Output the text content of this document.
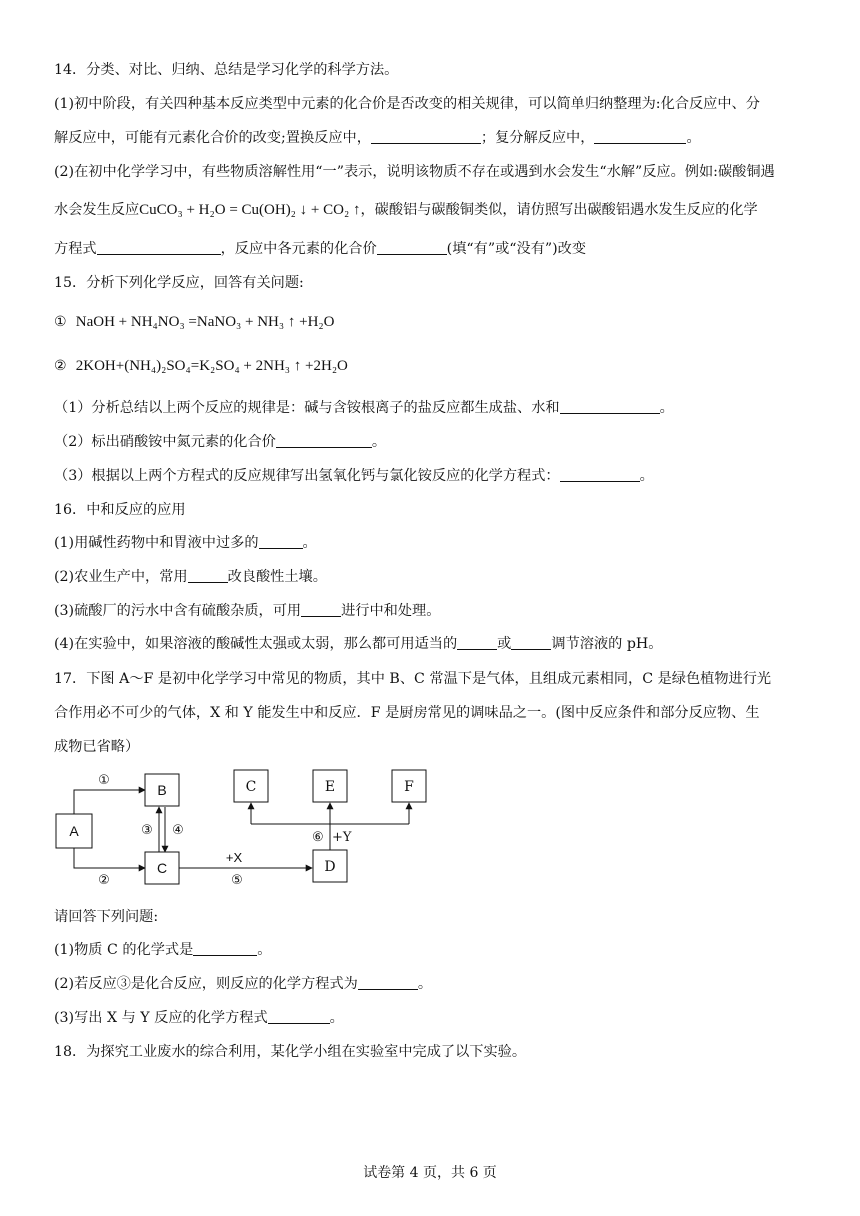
14．分类、对比、归纳、总结是学习化学的科学方法。
(1)初中阶段，有关四种基本反应类型中元素的化合价是否改变的相关规律，可以简单归纳整理为:化合反应中、分
解反应中，可能有元素化合价的改变;置换反应中，	；复分解反应中，	。
(2)在初中化学学习中，有些物质溶解性用“一”表示，说明该物质不存在或遇到水会发生“水解”反应。例如:碳酸铜遇
水会发生反应CuCO₃ + H₂O = Cu(OH)₂ ↓ + CO₂ ↑，碳酸铝与碳酸铜类似，请仿照写出碳酸铝遇水发生反应的化学
方程式	，反应中各元素的化合价	(填“有”或“没有”)改变
15．分析下列化学反应，回答有关问题:
① NaOH + NH₄NO₃ =NaNO₃ + NH₃ ↑ +H₂O
② 2KOH+(NH₄)₂SO₄=K₂SO₄ + 2NH₃ ↑ +2H₂O
（1）分析总结以上两个反应的规律是：碱与含铵根离子的盐反应都生成盐、水和	。
（2）标出硝酸铵中氮元素的化合价	。
（3）根据以上两个方程式的反应规律写出氢氧化钙与氯化铵反应的化学方程式：	。
16．中和反应的应用
(1)用碱性药物中和胃液中过多的	。
(2)农业生产中，常用	改良酸性土壤。
(3)硫酸厂的污水中含有硫酸杂质，可用	进行中和处理。
(4)在实验中，如果溶液的酸碱性太强或太弱，那么都可用适当的	或	调节溶液的 pH。
17．下图 A～F 是初中化学学习中常见的物质，其中 B、C 常温下是气体，且组成元素相同，C 是绿色植物进行光
合作用必不可少的气体，X 和 Y 能发生中和反应．F 是厨房常见的调味品之一。(图中反应条件和部分反应物、生
成物已省略）
A
B
C
①
②
③ ④
⑤
+X
C	E	F
D
⑥ +Y
请回答下列问题:
(1)物质 C 的化学式是	。
(2)若反应③是化合反应，则反应的化学方程式为	。
(3)写出 X 与 Y 反应的化学方程式	。
18．为探究工业废水的综合利用，某化学小组在实验室中完成了以下实验。
试卷第 4 页，共 6 页
